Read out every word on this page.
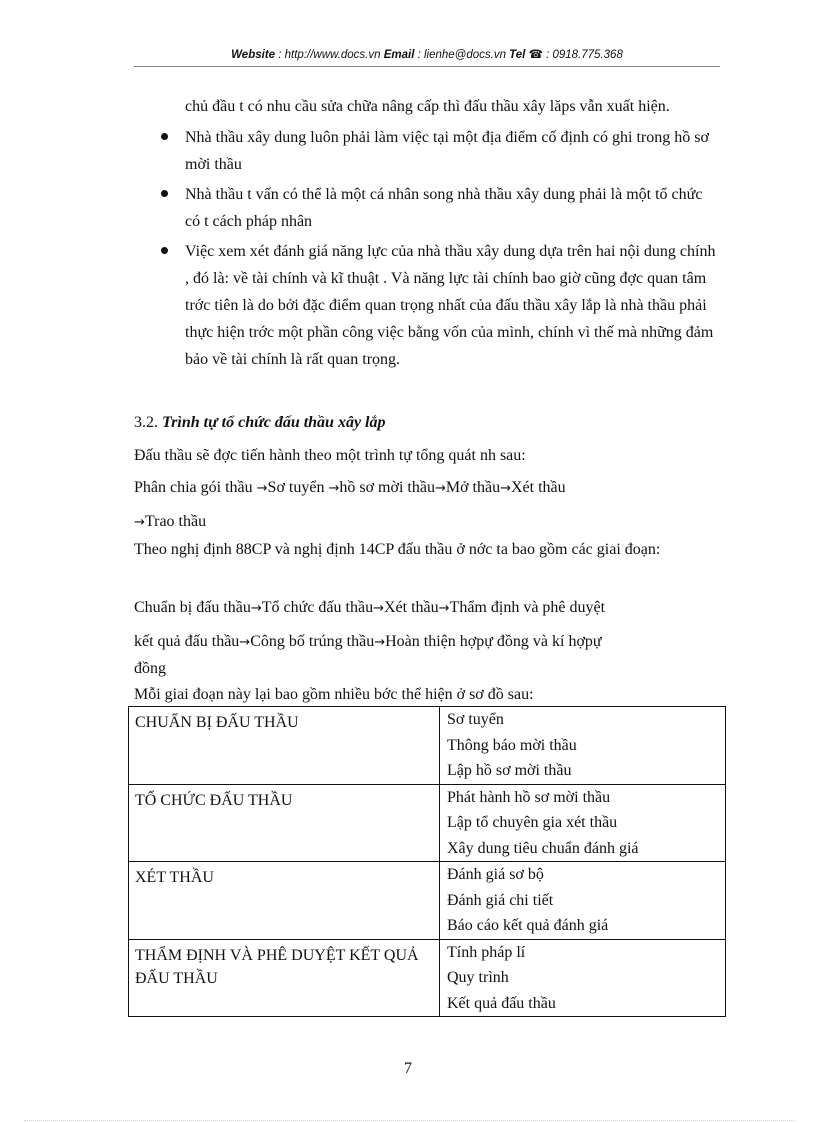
Website : http://www.docs.vn Email : lienhe@docs.vn Tel ☎ : 0918.775.368
chủ đầu t có nhu cầu sửa chữa nâng cấp thì đấu thầu xây lăps vẫn xuất hiện.
Nhà thầu xây dung luôn phải làm việc tại một địa điểm cố định có ghi trong hồ sơ mời thầu
Nhà thầu t vấn có thể là một cá nhân song nhà thầu xây dung phải là một tổ chức có t cách pháp nhân
Việc xem xét đánh giá năng lực của nhà thầu xây dung dựa trên hai nội dung chính , đó là: về tài chính và kĩ thuật . Và năng lực tài chính bao giờ cũng đợc quan tâm trớc tiên là do bởi đặc điểm quan trọng nhất của đấu thầu xây lắp là nhà thầu phải thực hiện trớc một phần công việc bằng vốn của mình, chính vì thế mà những đảm bảo về tài chính là rất quan trọng.
3.2. Trình tự tổ chức đấu thầu xây lắp
Đấu thầu sẽ đợc tiến hành theo một trình tự tổng quát nh sau:
Phân chia gói thầu →Sơ tuyển →hồ sơ mời thầu→Mở thầu→Xét thầu
→Trao thầu
Theo nghị định 88CP và nghị định 14CP đấu thầu ở nớc ta bao gồm các giai đoạn:
Chuẩn bị đấu thầu→Tổ chức đấu thầu→Xét thầu→Thẩm định và phê duyệt
kết quả đấu thầu→Công bố trúng thầu→Hoàn thiện hợpự đồng và kí hợpự
đồng
Mỗi giai đoạn này lại bao gồm nhiều bớc thể hiện ở sơ đồ sau:
CHUẨN BỊ ĐẤU THẦU	Sơ tuyển
Thông báo mời thầu
Lập hồ sơ mời thầu

TỔ CHỨC ĐẤU THẦU	Phát hành hồ sơ mời thầu
Lập tổ chuyên gia xét thầu
Xây dung tiêu chuẩn đánh giá

XÉT THẦU	Đánh giá sơ bộ
Đánh giá chi tiết
Báo cáo kết quả đánh giá

THẨM ĐỊNH VÀ PHÊ DUYỆT KẾT QUẢ ĐẤU THẦU	Tính pháp lí
Quy trình
Kết quả đấu thầu
7
